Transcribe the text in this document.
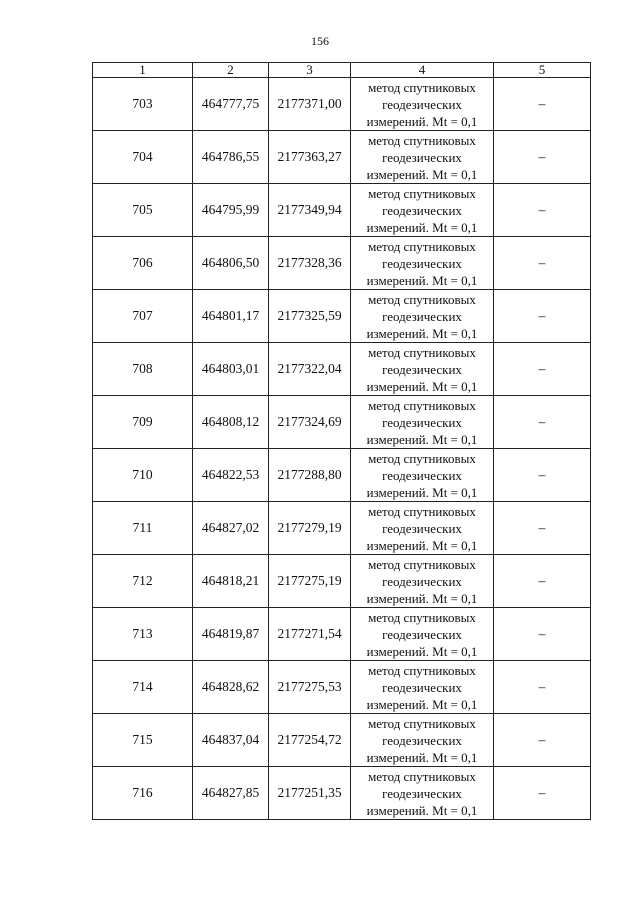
156
1	2	3	4	5
703	464777,75	2177371,00	метод спутниковых
геодезических
измерений. Mt = 0,1	–
704	464786,55	2177363,27	метод спутниковых
геодезических
измерений. Mt = 0,1	–
705	464795,99	2177349,94	метод спутниковых
геодезических
измерений. Mt = 0,1	–
706	464806,50	2177328,36	метод спутниковых
геодезических
измерений. Mt = 0,1	–
707	464801,17	2177325,59	метод спутниковых
геодезических
измерений. Mt = 0,1	–
708	464803,01	2177322,04	метод спутниковых
геодезических
измерений. Mt = 0,1	–
709	464808,12	2177324,69	метод спутниковых
геодезических
измерений. Mt = 0,1	–
710	464822,53	2177288,80	метод спутниковых
геодезических
измерений. Mt = 0,1	–
711	464827,02	2177279,19	метод спутниковых
геодезических
измерений. Mt = 0,1	–
712	464818,21	2177275,19	метод спутниковых
геодезических
измерений. Mt = 0,1	–
713	464819,87	2177271,54	метод спутниковых
геодезических
измерений. Mt = 0,1	–
714	464828,62	2177275,53	метод спутниковых
геодезических
измерений. Mt = 0,1	–
715	464837,04	2177254,72	метод спутниковых
геодезических
измерений. Mt = 0,1	–
716	464827,85	2177251,35	метод спутниковых
геодезических
измерений. Mt = 0,1	–
